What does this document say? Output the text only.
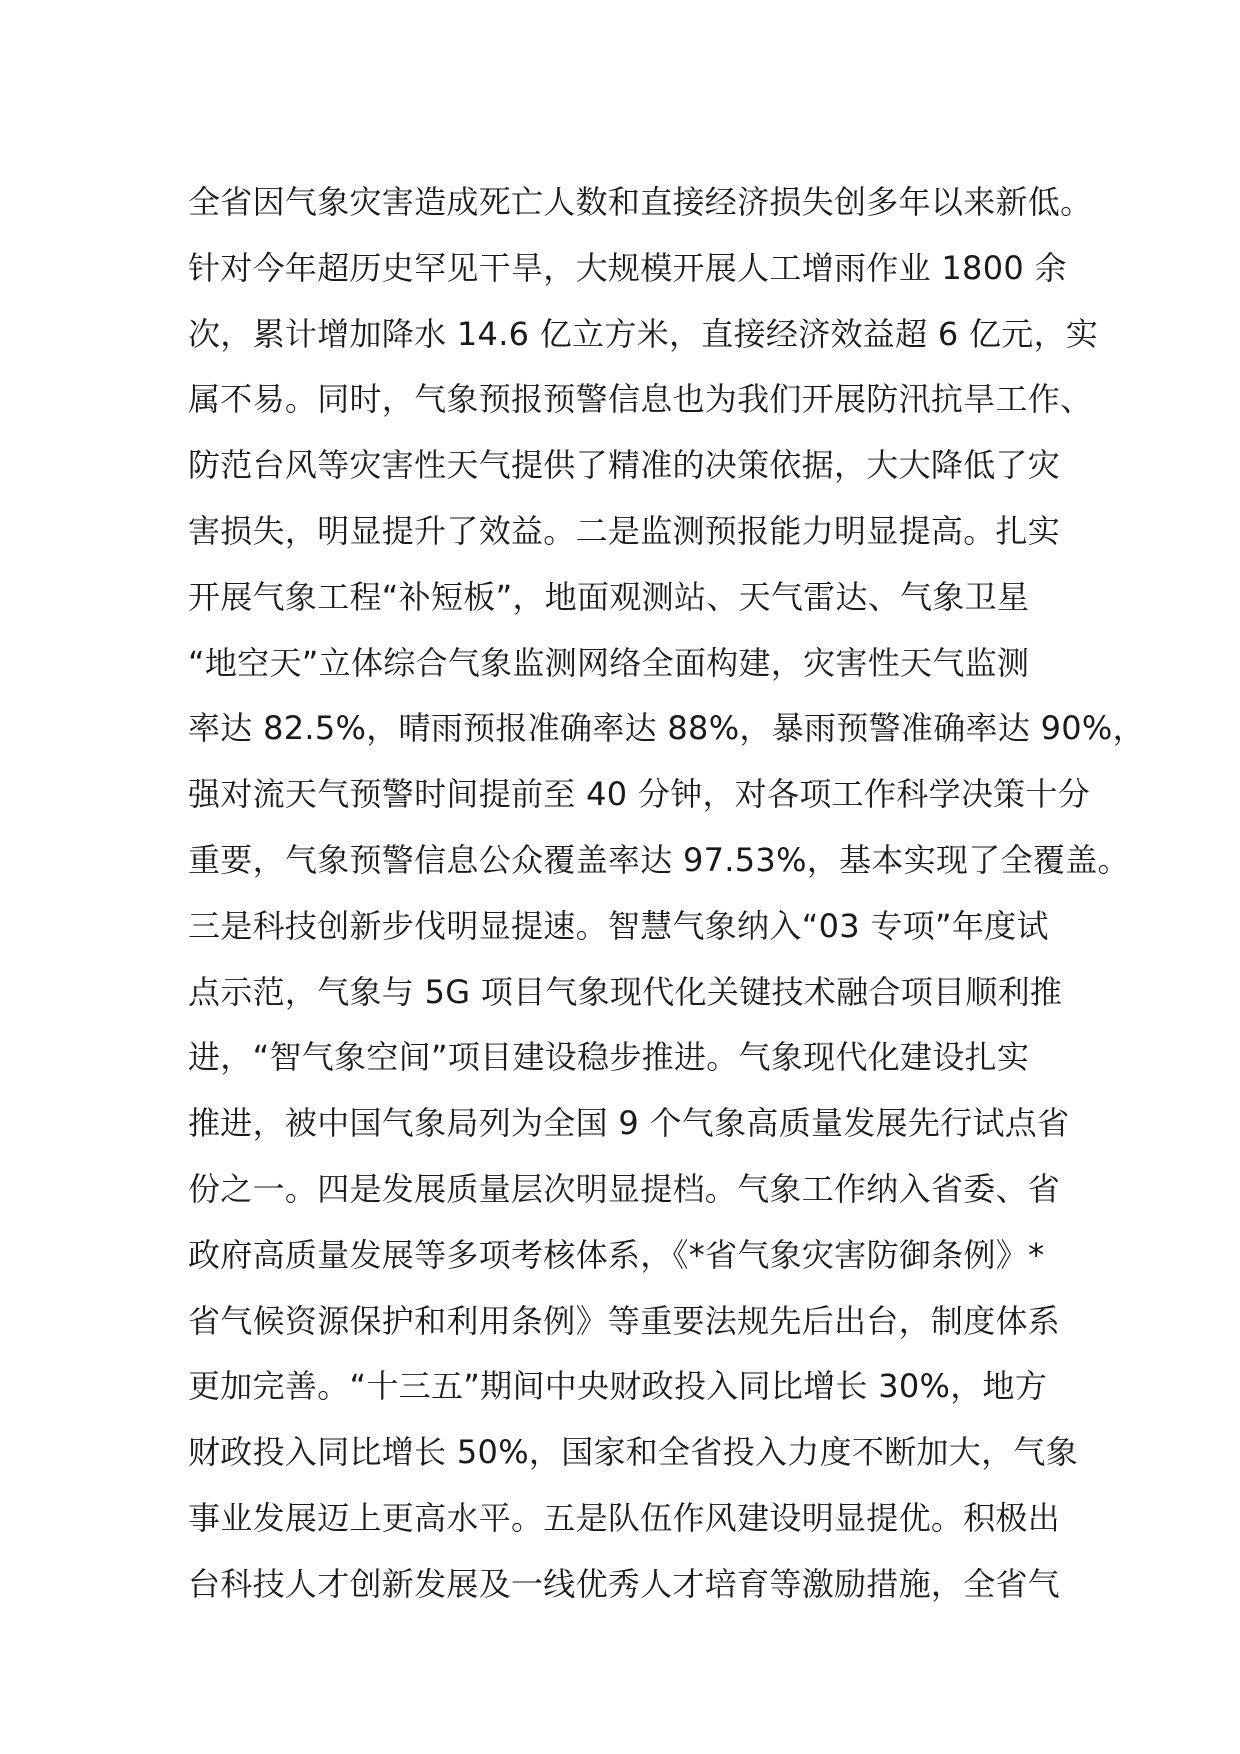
全省因气象灾害造成死亡人数和直接经济损失创多年以来新低。
针对今年超历史罕见干旱，大规模开展人工增雨作业 1800 余
次，累计增加降水 14.6 亿立方米，直接经济效益超 6 亿元，实
属不易。同时，气象预报预警信息也为我们开展防汛抗旱工作、
防范台风等灾害性天气提供了精准的决策依据，大大降低了灾
害损失，明显提升了效益。二是监测预报能力明显提高。扎实
开展气象工程“补短板”，地面观测站、天气雷达、气象卫星
“地空天”立体综合气象监测网络全面构建，灾害性天气监测
率达 82.5%，晴雨预报准确率达 88%，暴雨预警准确率达 90%，
强对流天气预警时间提前至 40 分钟，对各项工作科学决策十分
重要，气象预警信息公众覆盖率达 97.53%，基本实现了全覆盖。
三是科技创新步伐明显提速。智慧气象纳入“03 专项”年度试
点示范，气象与 5G 项目气象现代化关键技术融合项目顺利推
进，“智气象空间”项目建设稳步推进。气象现代化建设扎实
推进，被中国气象局列为全国 9 个气象高质量发展先行试点省
份之一。四是发展质量层次明显提档。气象工作纳入省委、省
政府高质量发展等多项考核体系，《*省气象灾害防御条例》*
省气候资源保护和利用条例》等重要法规先后出台，制度体系
更加完善。“十三五”期间中央财政投入同比增长 30%，地方
财政投入同比增长 50%，国家和全省投入力度不断加大，气象
事业发展迈上更高水平。五是队伍作风建设明显提优。积极出
台科技人才创新发展及一线优秀人才培育等激励措施，全省气
